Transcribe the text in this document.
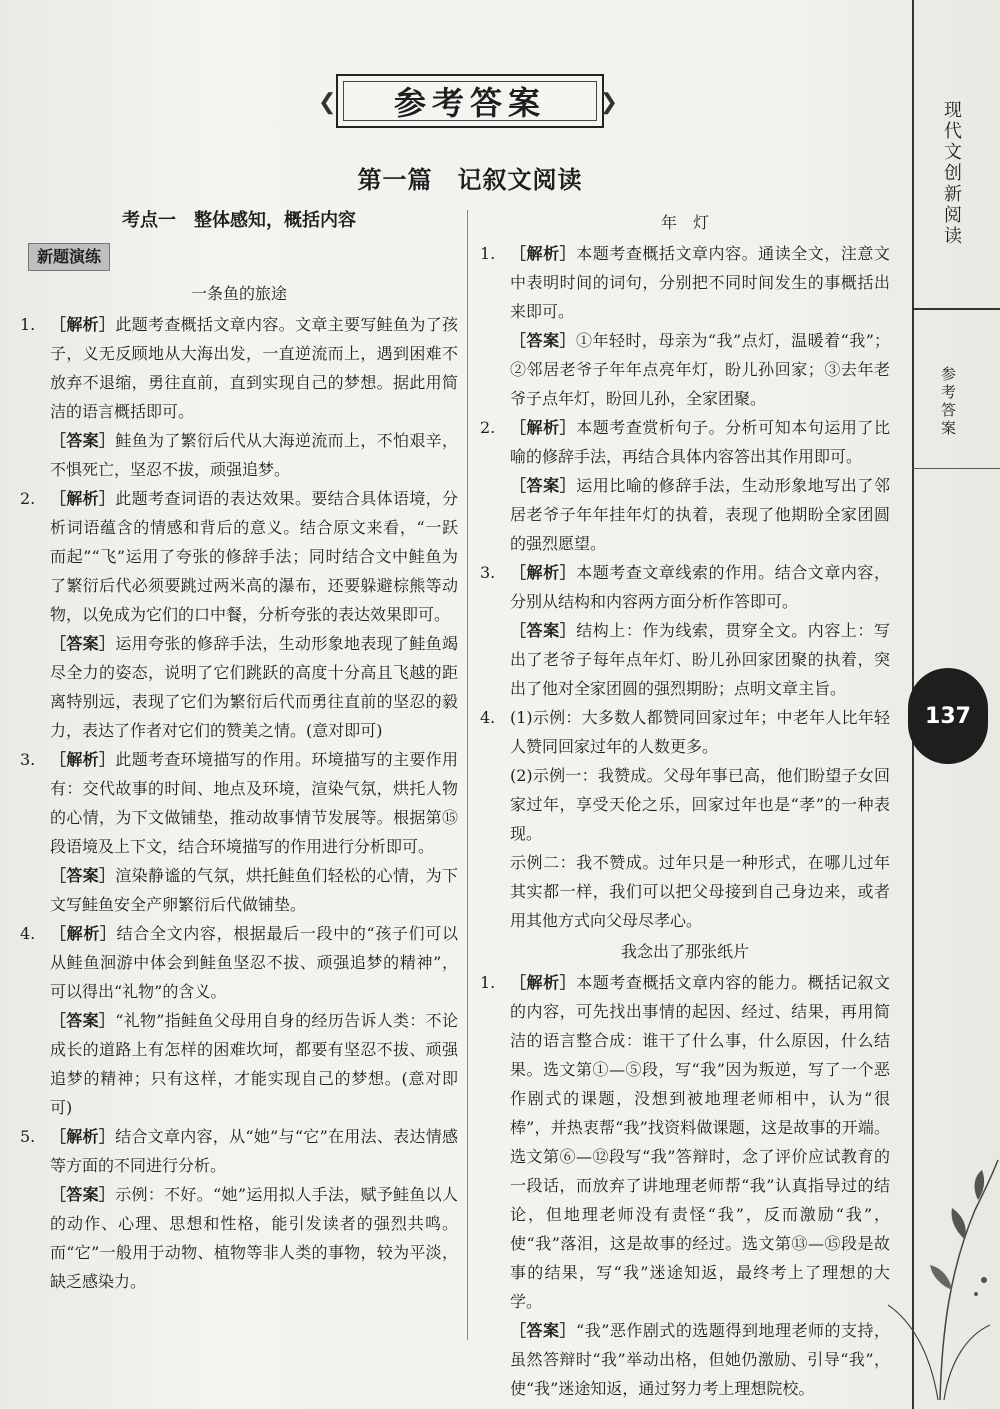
❮ 参考答案 ❯
第一篇　记叙文阅读
考点一　整体感知，概括内容
新题演练
一条鱼的旅途

1. ［解析］此题考查概括文章内容。文章主要写鲑鱼为了孩子，义无反顾地从大海出发，一直逆流而上，遇到困难不放弃不退缩，勇往直前，直到实现自己的梦想。据此用简洁的语言概括即可。

［答案］鲑鱼为了繁衍后代从大海逆流而上，不怕艰辛，不惧死亡，坚忍不拔，顽强追梦。

2. ［解析］此题考查词语的表达效果。要结合具体语境，分析词语蕴含的情感和背后的意义。结合原文来看，“一跃而起”“飞”运用了夸张的修辞手法；同时结合文中鲑鱼为了繁衍后代必须要跳过两米高的瀑布，还要躲避棕熊等动物，以免成为它们的口中餐，分析夸张的表达效果即可。

［答案］运用夸张的修辞手法，生动形象地表现了鲑鱼竭尽全力的姿态，说明了它们跳跃的高度十分高且飞越的距离特别远，表现了它们为繁衍后代而勇往直前的坚忍的毅力，表达了作者对它们的赞美之情。(意对即可)

3. ［解析］此题考查环境描写的作用。环境描写的主要作用有：交代故事的时间、地点及环境，渲染气氛，烘托人物的心情，为下文做铺垫，推动故事情节发展等。根据第⑮段语境及上下文，结合环境描写的作用进行分析即可。

［答案］渲染静谧的气氛，烘托鲑鱼们轻松的心情，为下文写鲑鱼安全产卵繁衍后代做铺垫。

4. ［解析］结合全文内容，根据最后一段中的“孩子们可以从鲑鱼洄游中体会到鲑鱼坚忍不拔、顽强追梦的精神”，可以得出“礼物”的含义。

［答案］“礼物”指鲑鱼父母用自身的经历告诉人类：不论成长的道路上有怎样的困难坎坷，都要有坚忍不拔、顽强追梦的精神；只有这样，才能实现自己的梦想。(意对即可)

5. ［解析］结合文章内容，从“她”与“它”在用法、表达情感等方面的不同进行分析。

［答案］示例：不好。“她”运用拟人手法，赋予鲑鱼以人的动作、心理、思想和性格，能引发读者的强烈共鸣。而“它”一般用于动物、植物等非人类的事物，较为平淡，缺乏感染力。

年　灯

1. ［解析］本题考查概括文章内容。通读全文，注意文中表明时间的词句，分别把不同时间发生的事概括出来即可。

［答案］①年轻时，母亲为“我”点灯，温暖着“我”；②邻居老爷子年年点亮年灯，盼儿孙回家；③去年老爷子点年灯，盼回儿孙，全家团聚。

2. ［解析］本题考查赏析句子。分析可知本句运用了比喻的修辞手法，再结合具体内容答出其作用即可。

［答案］运用比喻的修辞手法，生动形象地写出了邻居老爷子年年挂年灯的执着，表现了他期盼全家团圆的强烈愿望。

3. ［解析］本题考查文章线索的作用。结合文章内容，分别从结构和内容两方面分析作答即可。

［答案］结构上：作为线索，贯穿全文。内容上：写出了老爷子每年点年灯、盼儿孙回家团聚的执着，突出了他对全家团圆的强烈期盼；点明文章主旨。

4. (1)示例：大多数人都赞同回家过年；中老年人比年轻人赞同回家过年的人数更多。

(2)示例一：我赞成。父母年事已高，他们盼望子女回家过年，享受天伦之乐，回家过年也是“孝”的一种表现。

示例二：我不赞成。过年只是一种形式，在哪儿过年其实都一样，我们可以把父母接到自己身边来，或者用其他方式向父母尽孝心。

我念出了那张纸片

1. ［解析］本题考查概括文章内容的能力。概括记叙文的内容，可先找出事情的起因、经过、结果，再用简洁的语言整合成：谁干了什么事，什么原因，什么结果。选文第①—⑤段，写“我”因为叛逆，写了一个恶作剧式的课题，没想到被地理老师相中，认为“很棒”，并热衷帮“我”找资料做课题，这是故事的开端。选文第⑥—⑫段写“我”答辩时，念了评价应试教育的一段话，而放弃了讲地理老师帮“我”认真指导过的结论，但地理老师没有责怪“我”，反而激励“我”，使“我”落泪，这是故事的经过。选文第⑬—⑮段是故事的结果，写“我”迷途知返，最终考上了理想的大学。

［答案］“我”恶作剧式的选题得到地理老师的支持，虽然答辩时“我”举动出格，但她仍激励、引导“我”，使“我”迷途知返，通过努力考上理想院校。

现代文创新阅读
参考答案
137
